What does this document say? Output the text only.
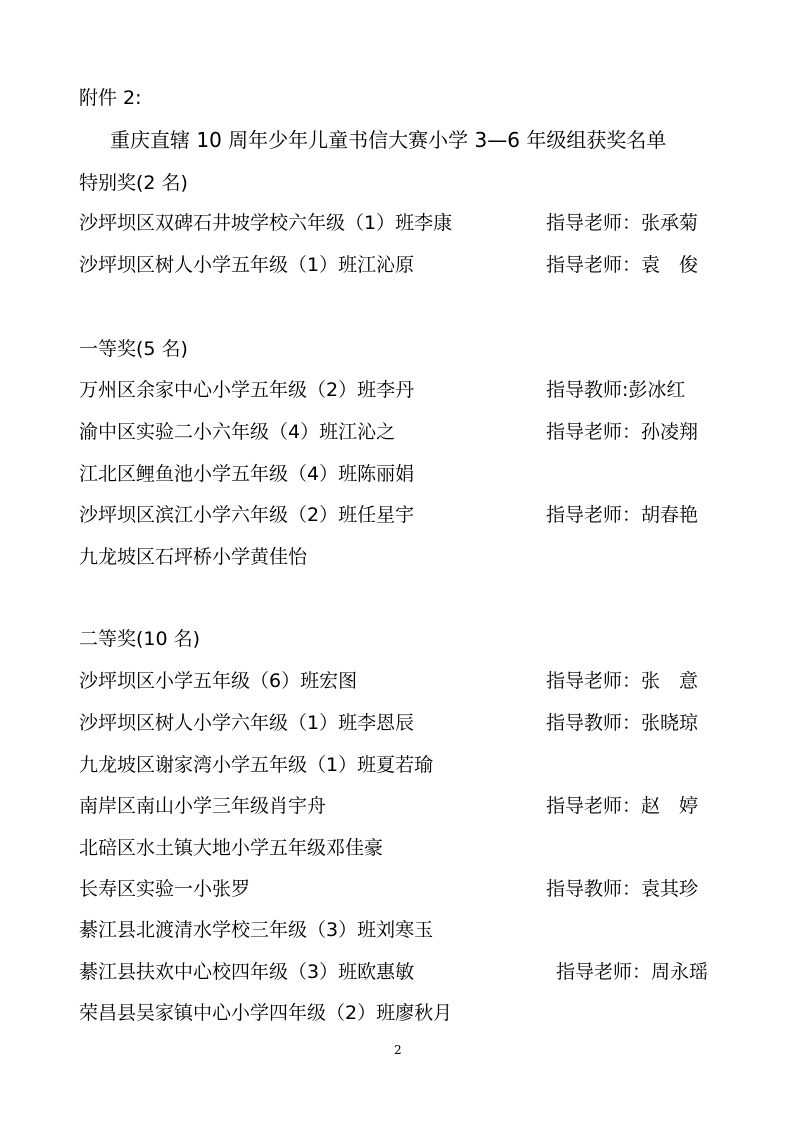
附件 2:
重庆直辖 10 周年少年儿童书信大赛小学 3—6 年级组获奖名单
特别奖(2 名)
沙坪坝区双碑石井坡学校六年级（1）班李康	指导老师：张承菊
沙坪坝区树人小学五年级（1）班江沁原	指导老师：袁　俊
一等奖(5 名)
万州区余家中心小学五年级（2）班李丹	指导教师:彭冰红
渝中区实验二小六年级（4）班江沁之	指导老师：孙凌翔
江北区鲤鱼池小学五年级（4）班陈丽娟
沙坪坝区滨江小学六年级（2）班任星宇	指导老师：胡春艳
九龙坡区石坪桥小学黄佳怡
二等奖(10 名)
沙坪坝区小学五年级（6）班宏图	指导老师：张　意
沙坪坝区树人小学六年级（1）班李恩辰	指导教师：张晓琼
九龙坡区谢家湾小学五年级（1）班夏若瑜
南岸区南山小学三年级肖宇舟	指导老师：赵　婷
北碚区水土镇大地小学五年级邓佳豪
长寿区实验一小张罗	指导教师：袁其珍
綦江县北渡清水学校三年级（3）班刘寒玉
綦江县扶欢中心校四年级（3）班欧惠敏	指导老师：周永瑶
荣昌县吴家镇中心小学四年级（2）班廖秋月
2
